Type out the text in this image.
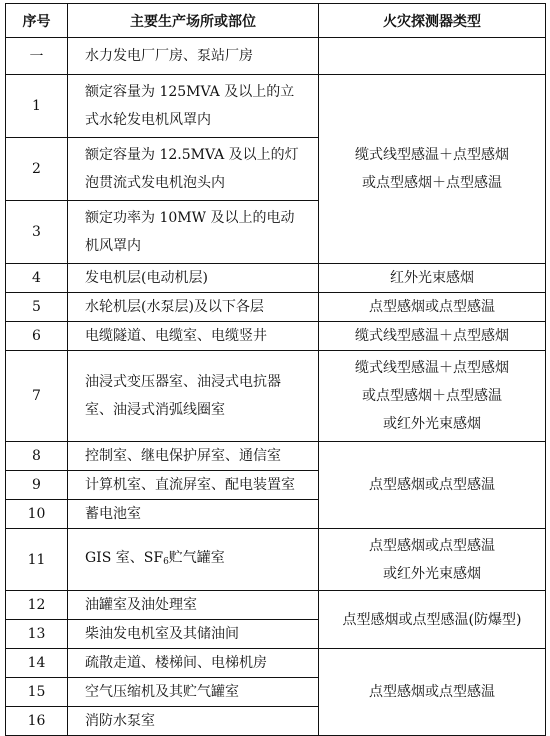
序号	主要生产场所或部位	火灾探测器类型
一	水力发电厂厂房、泵站厂房	
1	额定容量为 125MVA 及以上的立式水轮发电机风罩内	缆式线型感温＋点型感烟
或点型感烟＋点型感温

2	额定容量为 12.5MVA 及以上的灯泡贯流式发电机泡头内	
3	额定功率为 10MW 及以上的电动机风罩内	
4	发电机层(电动机层)	红外光束感烟
5	水轮机层(水泵层)及以下各层	点型感烟或点型感温
6	电缆隧道、电缆室、电缆竖井	缆式线型感温＋点型感烟
7	油浸式变压器室、油浸式电抗器室、油浸式消弧线圈室	缆式线型感温＋点型感烟
或点型感烟＋点型感温
或红外光束感烟

8	控制室、继电保护屏室、通信室	点型感烟或点型感温
9	计算机室、直流屏室、配电装置室	
10	蓄电池室	
11	GIS 室、$SF_6$贮气罐室	点型感烟或点型感温
或红外光束感烟

12	油罐室及油处理室	点型感烟或点型感温(防爆型)
13	柴油发电机室及其储油间	
14	疏散走道、楼梯间、电梯机房	点型感烟或点型感温
15	空气压缩机及其贮气罐室	
16	消防水泵室	
